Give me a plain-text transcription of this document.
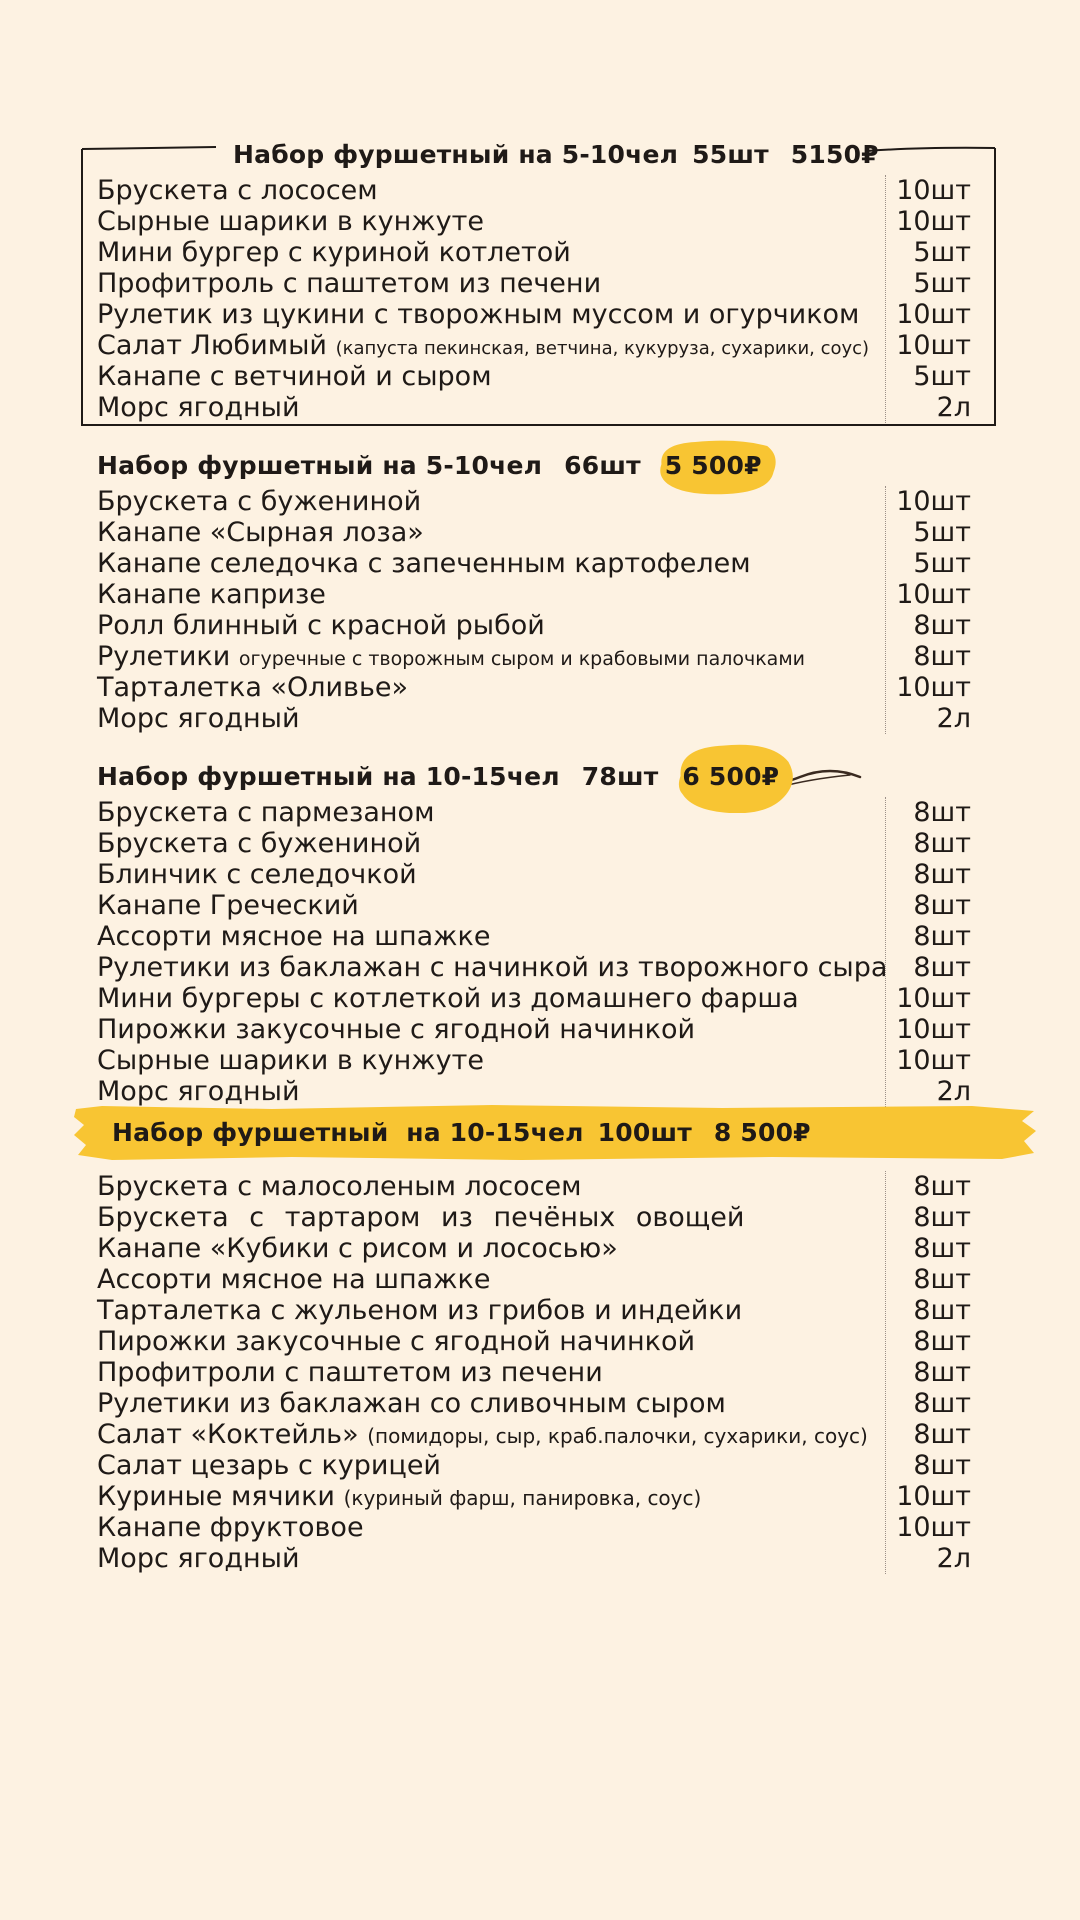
Набор фуршетный на 5-10чел 55шт 5150₽
Брускета с лососем	10шт
Сырные шарики в кунжуте	10шт
Мини бургер с куриной котлетой	5шт
Профитроль с паштетом из печени	5шт
Рулетик из цукини с творожным муссом и огурчиком	10шт
Салат Любимый (капуста пекинская, ветчина, кукуруза, сухарики, соус)	10шт
Канапе с ветчиной и сыром	5шт
Морс ягодный	2л
Набор фуршетный на 5-10чел 66шт 5 500₽
Брускета с бужениной	10шт
Канапе «Сырная лоза»	5шт
Канапе селедочка с запеченным картофелем	5шт
Канапе капризе	10шт
Ролл блинный с красной рыбой	8шт
Рулетики огуречные с творожным сыром и крабовыми палочками	8шт
Тарталетка «Оливье»	10шт
Морс ягодный	2л
Набор фуршетный на 10-15чел 78шт 6 500₽
Брускета с пармезаном	8шт
Брускета с бужениной	8шт
Блинчик с селедочкой	8шт
Канапе Греческий	8шт
Ассорти мясное на шпажке	8шт
Рулетики из баклажан с начинкой из творожного сыра 8шт
Мини бургеры с котлеткой из домашнего фарша	10шт
Пирожки закусочные с ягодной начинкой	10шт
Сырные шарики в кунжуте	10шт
Морс ягодный	2л
Набор фуршетный  на 10-15чел 100шт 8 500₽
Брускета с малосоленым лососем	8шт
Брускета с тартаром из печёных овощей	8шт
Канапе «Кубики с рисом и лососью»	8шт
Ассорти мясное на шпажке	8шт
Тарталетка с жульеном из грибов и индейки	8шт
Пирожки закусочные с ягодной начинкой	8шт
Профитроли с паштетом из печени	8шт
Рулетики из баклажан со сливочным сыром	8шт
Салат «Коктейль» (помидоры, сыр, краб.палочки, сухарики, соус)	8шт
Салат цезарь с курицей	8шт
Куриные мячики (куриный фарш, панировка, соус)	10шт
Канапе фруктовое	10шт
Морс ягодный	2л
